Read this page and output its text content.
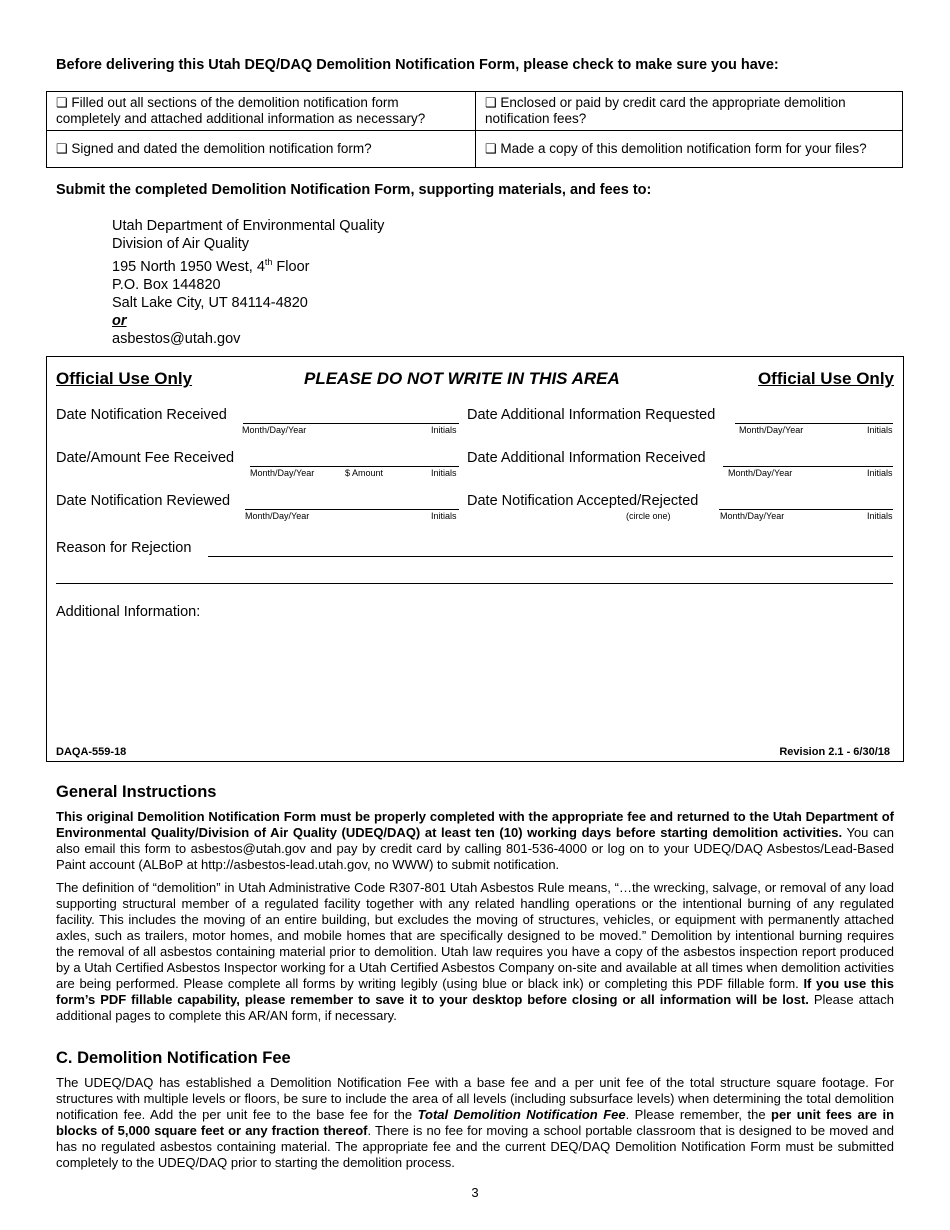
Before delivering this Utah DEQ/DAQ Demolition Notification Form, please check to make sure you have:
❑ Filled out all sections of the demolition notification form completely and attached additional information as necessary?	❑ Enclosed or paid by credit card the appropriate demolition notification fees?
❑ Signed and dated the demolition notification form?	❑ Made a copy of this demolition notification form for your files?
Submit the completed Demolition Notification Form, supporting materials, and fees to:
Utah Department of Environmental Quality
Division of Air Quality
195 North 1950 West, 4th Floor
P.O. Box 144820
Salt Lake City, UT 84114-4820
or
asbestos@utah.gov
Official Use Only	PLEASE DO NOT WRITE IN THIS AREA	Official Use Only
Date Notification Received
Month/Day/Year	Initials
Date Additional Information Requested
Month/Day/Year	Initials
Date/Amount Fee Received
Month/Day/Year	$ Amount	Initials
Date Additional Information Received
Month/Day/Year	Initials
Date Notification Reviewed
Month/Day/Year	Initials
Date Notification Accepted/Rejected
(circle one)	Month/Day/Year	Initials
Reason for Rejection
Additional Information:
DAQA-559-18	Revision 2.1 - 6/30/18
General Instructions
This original Demolition Notification Form must be properly completed with the appropriate fee and returned to the Utah Department of Environmental Quality/Division of Air Quality (UDEQ/DAQ) at least ten (10) working days before starting demolition activities. You can also email this form to asbestos@utah.gov and pay by credit card by calling 801-536-4000 or log on to your UDEQ/DAQ Asbestos/Lead-Based Paint account (ALBoP at http://asbestos-lead.utah.gov, no WWW) to submit notification.
The definition of “demolition” in Utah Administrative Code R307-801 Utah Asbestos Rule means, “…the wrecking, salvage, or removal of any load supporting structural member of a regulated facility together with any related handling operations or the intentional burning of any regulated facility. This includes the moving of an entire building, but excludes the moving of structures, vehicles, or equipment with permanently attached axles, such as trailers, motor homes, and mobile homes that are specifically designed to be moved.” Demolition by intentional burning requires the removal of all asbestos containing material prior to demolition. Utah law requires you have a copy of the asbestos inspection report produced by a Utah Certified Asbestos Inspector working for a Utah Certified Asbestos Company on-site and available at all times when demolition activities are being performed. Please complete all forms by writing legibly (using blue or black ink) or completing this PDF fillable form. If you use this form’s PDF fillable capability, please remember to save it to your desktop before closing or all information will be lost. Please attach additional pages to complete this AR/AN form, if necessary.
C. Demolition Notification Fee
The UDEQ/DAQ has established a Demolition Notification Fee with a base fee and a per unit fee of the total structure square footage. For structures with multiple levels or floors, be sure to include the area of all levels (including subsurface levels) when determining the total demolition notification fee. Add the per unit fee to the base fee for the Total Demolition Notification Fee. Please remember, the per unit fees are in blocks of 5,000 square feet or any fraction thereof. There is no fee for moving a school portable classroom that is designed to be moved and has no regulated asbestos containing material. The appropriate fee and the current DEQ/DAQ Demolition Notification Form must be submitted completely to the UDEQ/DAQ prior to starting the demolition process.
3
